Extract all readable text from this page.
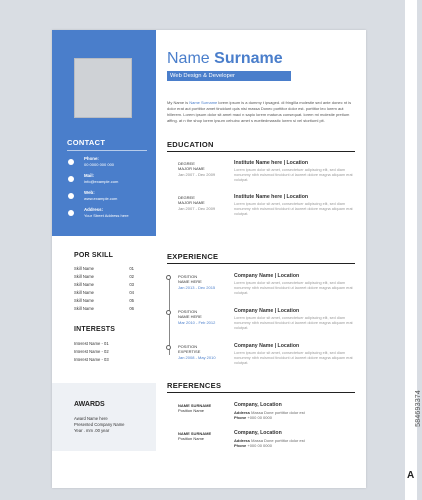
CONTACT
Phone:
00 0000 000 000
Mail:
info@example.com
Web:
www.example.com
Address:
Your Street Address here
POR SKILL
Skill Name	01
Skill Name	02
Skill Name	03
Skill Name	04
Skill Name	05
Skill Name	06
INTERESTS
Interest Name - 01
Interest Name - 02
Interest Name - 03
AWARDS
Award Name here
Presented Company Name
Year . mm .00 year
Name Surname
Web Design & Developer
My Name is Name Surname lorem ipsum is a dummy t ipsaged. di fringilla molestie sed ante donec nt is dolor erat aut porttitor amet tincidunt quis nisi massa Donec porttitor dolor est. porttitor leo lorem aut hillerem. Lorem ipsum dolor sit amet maci n sapio lorem maturus consequat. lorem mi molestie pretium affing. at n the shop lorem ipsum cehuinc amet s eueitedmasstic lorem si vel stortiuml pit.
EDUCATION
DEGREE
MAJOR NAME
Jan 2007 - Dec 2009
Institute Name here | Location
Lorem ipsum dolor sit amet, consectetuer adipiscing elit, sed diam nonummy nibh euismod tincidunt ut laoreet dolore magna aliquam erat volutpat.
DEGREE
MAJOR NAME
Jan 2007 - Dec 2009
Institute Name here | Location
Lorem ipsum dolor sit amet, consectetuer adipiscing elit, sed diam nonummy nibh euismod tincidunt ut laoreet dolore magna aliquam erat volutpat.
EXPERIENCE
POSITION
NAME HERE
Jan 2013 - Dec 2015
Company Name | Location
Lorem ipsum dolor sit amet, consectetuer adipiscing elit, sed diam nonummy nibh euismod tincidunt ut laoreet dolore magna aliquam erat volutpat.
POSITION
NAME HERE
Mar 2010 - Feb 2012
Company Name | Location
Lorem ipsum dolor sit amet, consectetuer adipiscing elit, sed diam nonummy nibh euismod tincidunt ut laoreet dolore magna aliquam erat volutpat.
POSITION
EXPERTISE
Jan 2008 - May 2010
Company Name | Location
Lorem ipsum dolor sit amet, consectetuer adipiscing elit, sed diam nonummy nibh euismod tincidunt ut laoreet dolore magna aliquam erat volutpat.
REFERENCES
NAME SURNAME
Position Name
Company, Location
Address Massa Done porttitor dolor est
Phone +000 00 0000
NAME SURNAME
Position Name
Company, Location
Address Massa Done porttitor dolor est
Phone +000 00 0000
584693374
A
